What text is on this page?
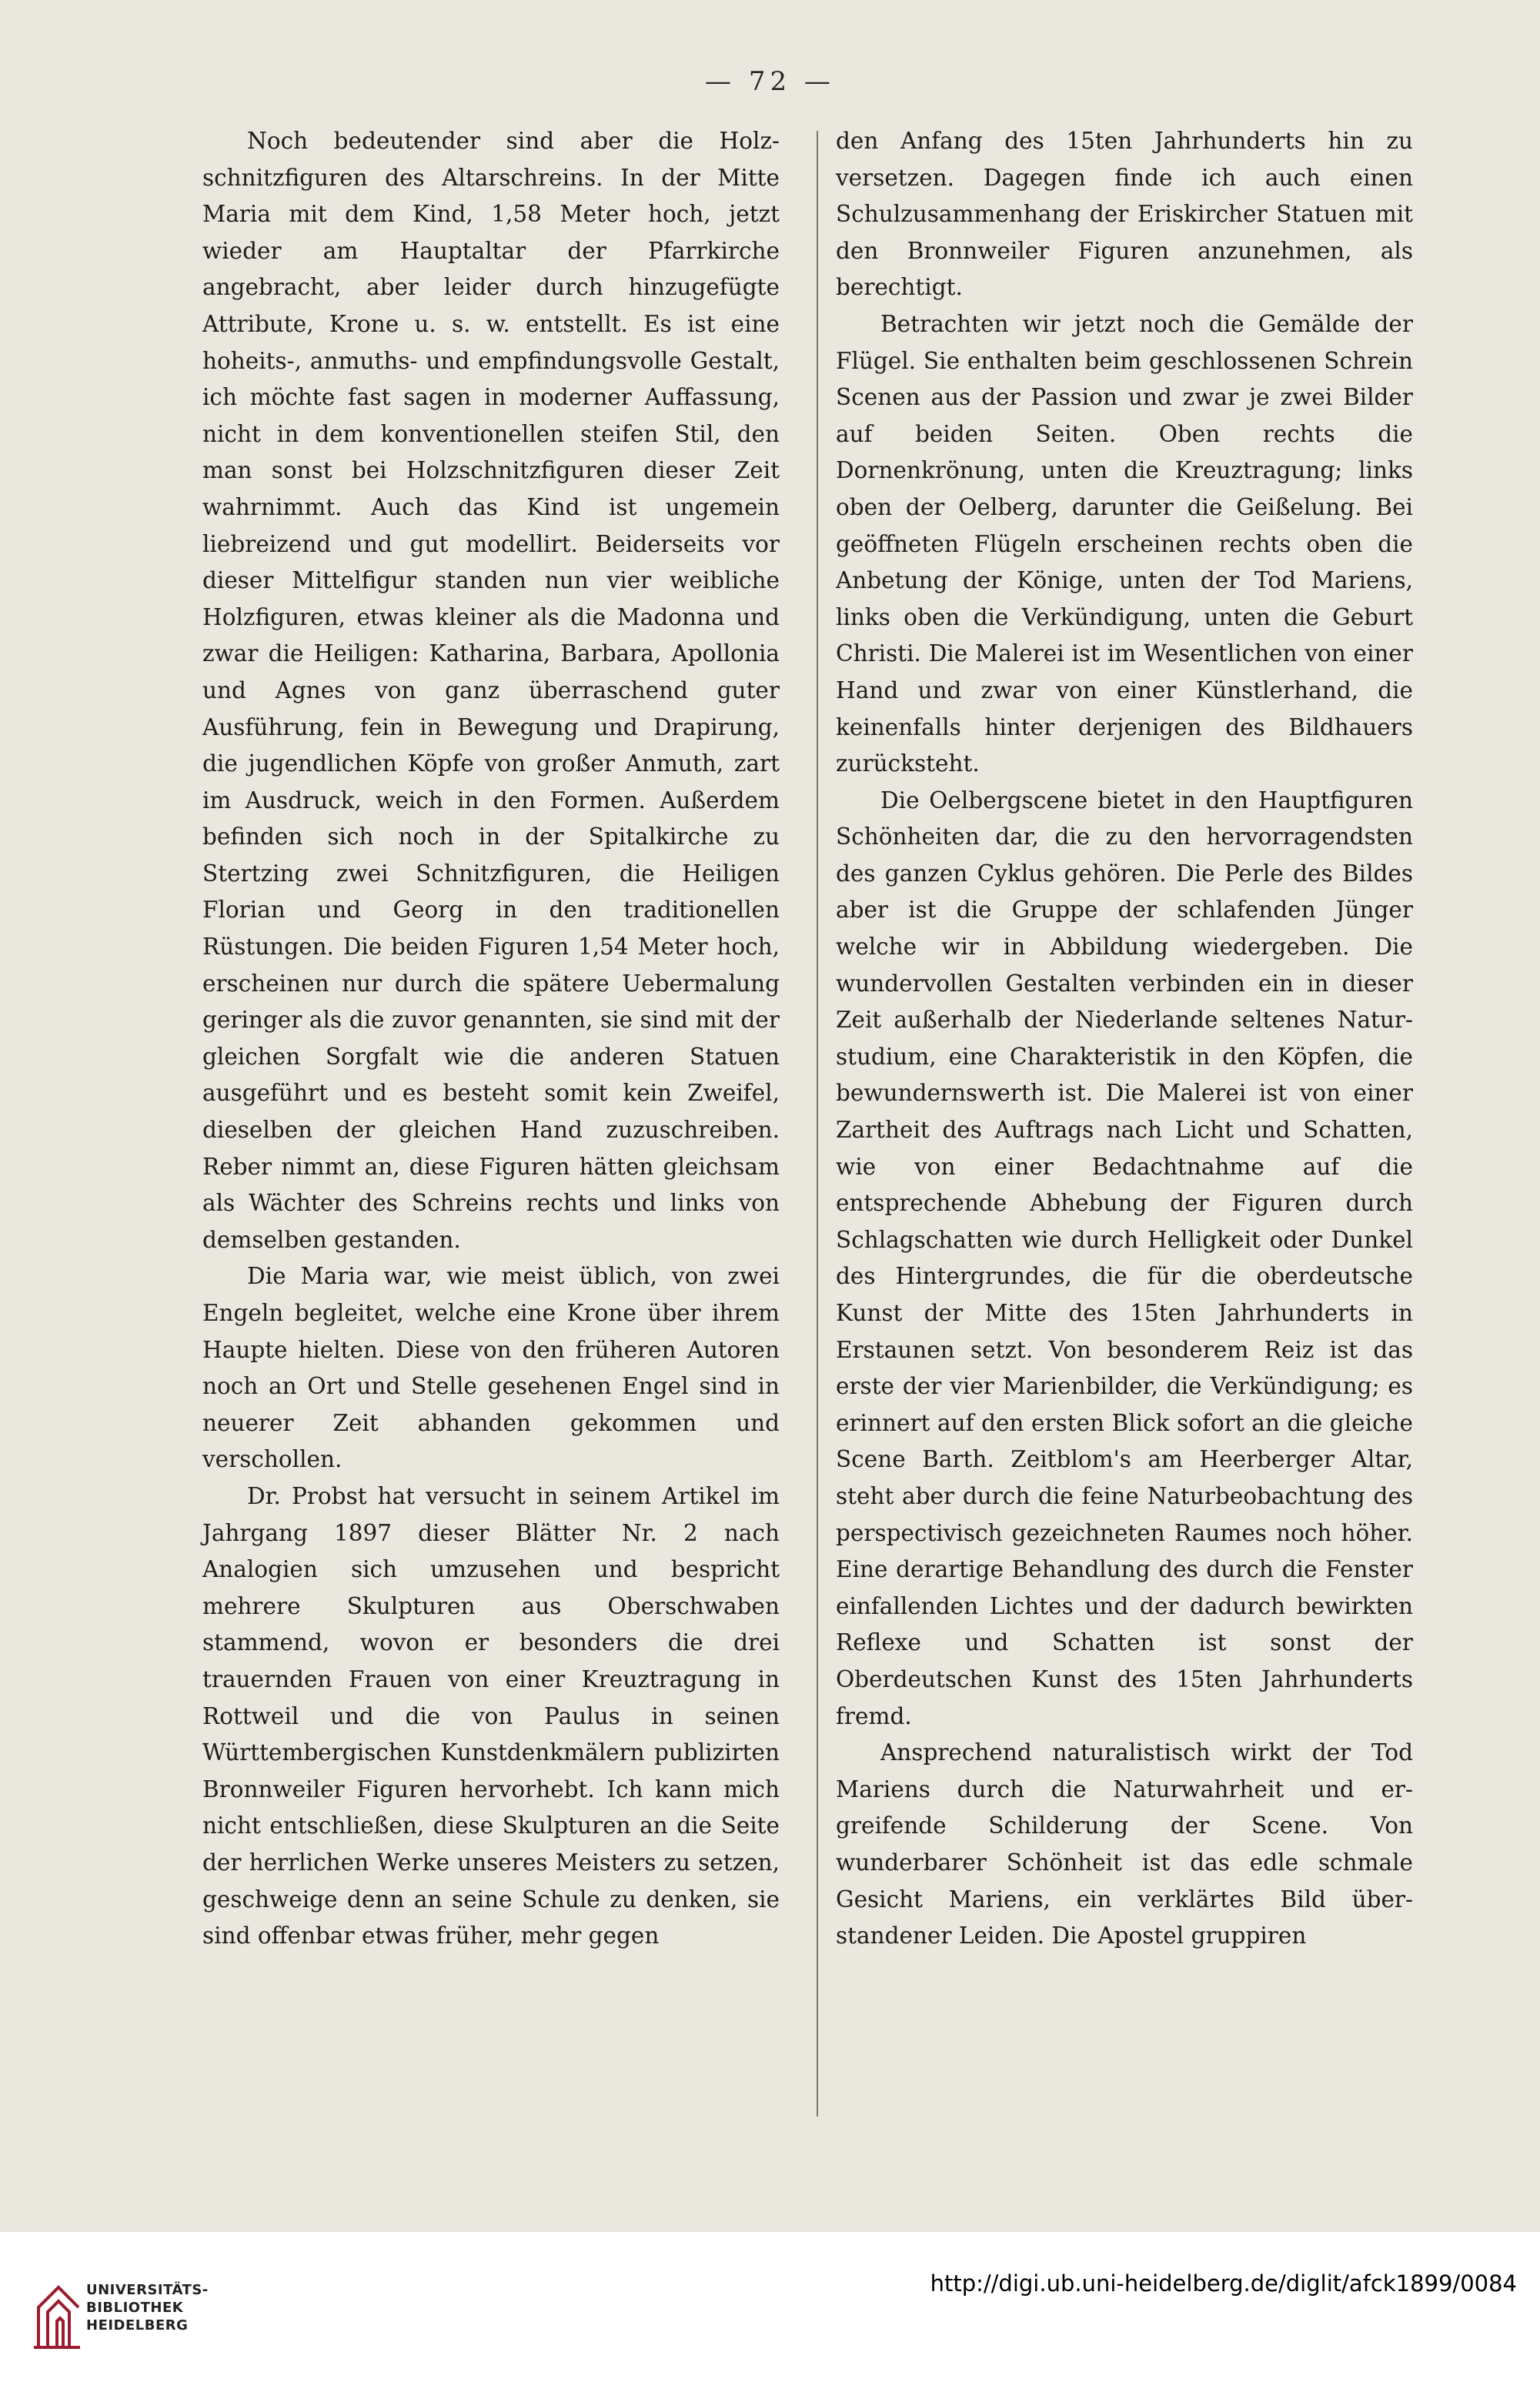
— 72 —

Noch bedeutender sind aber die Holzschnitzfiguren des Altarschreins. In der Mitte Maria mit dem Kind, 1,58 Meter hoch, jetzt wieder am Hauptaltar der Pfarrkirche angebracht, aber leider durch hinzugefügte Attribute, Krone u. s. w. entstellt. Es ist eine hoheits-, anmuths- und empfindungsvolle Gestalt, ich möchte fast sagen in moderner Auffassung, nicht in dem konventionellen steifen Stil, den man sonst bei Holzschnitzfiguren dieser Zeit wahrnimmt. Auch das Kind ist ungemein liebreizend und gut modellirt. Beiderseits vor dieser Mittelfigur standen nun vier weibliche Holzfiguren, etwas kleiner als die Madonna und zwar die Heiligen: Katharina, Barbara, Apollonia und Agnes von ganz überraschend guter Ausführung, fein in Bewegung und Drapirung, die jugendlichen Köpfe von großer Anmuth, zart im Ausdruck, weich in den Formen. Außerdem befinden sich noch in der Spitalkirche zu Stertzing zwei Schnitzfiguren, die Heiligen Florian und Georg in den traditionellen Rüstungen. Die beiden Figuren 1,54 Meter hoch, erscheinen nur durch die spätere Uebermalung geringer als die zuvor genannten, sie sind mit der gleichen Sorgfalt wie die anderen Statuen ausgeführt und es besteht somit kein Zweifel, dieselben der gleichen Hand zuzuschreiben. Reber nimmt an, diese Figuren hätten gleichsam als Wächter des Schreins rechts und links von demselben gestanden.

Die Maria war, wie meist üblich, von zwei Engeln begleitet, welche eine Krone über ihrem Haupte hielten. Diese von den früheren Autoren noch an Ort und Stelle gesehenen Engel sind in neuerer Zeit abhanden gekommen und verschollen.

Dr. Probst hat versucht in seinem Artikel im Jahrgang 1897 dieser Blätter Nr. 2 nach Analogien sich umzusehen und bespricht mehrere Skulpturen aus Oberschwaben stammend, wovon er besonders die drei trauernden Frauen von einer Kreuztragung in Rottweil und die von Paulus in seinen Württembergischen Kunstdenkmälern publizirten Bronnweiler Figuren hervorhebt. Ich kann mich nicht entschließen, diese Skulpturen an die Seite der herrlichen Werke unseres Meisters zu setzen, geschweige denn an seine Schule zu denken, sie sind offenbar etwas früher, mehr gegen

den Anfang des 15ten Jahrhunderts hin zu versetzen. Dagegen finde ich auch einen Schulzusammenhang der Eriskircher Statuen mit den Bronnweiler Figuren anzunehmen, als berechtigt.

Betrachten wir jetzt noch die Gemälde der Flügel. Sie enthalten beim geschlossenen Schrein Scenen aus der Passion und zwar je zwei Bilder auf beiden Seiten. Oben rechts die Dornenkrönung, unten die Kreuztragung; links oben der Oelberg, darunter die Geißelung. Bei geöffneten Flügeln erscheinen rechts oben die Anbetung der Könige, unten der Tod Mariens, links oben die Verkündigung, unten die Geburt Christi. Die Malerei ist im Wesentlichen von einer Hand und zwar von einer Künstlerhand, die keinenfalls hinter derjenigen des Bildhauers zurücksteht.

Die Oelbergscene bietet in den Hauptfiguren Schönheiten dar, die zu den hervorragendsten des ganzen Cyklus gehören. Die Perle des Bildes aber ist die Gruppe der schlafenden Jünger welche wir in Abbildung wiedergeben. Die wundervollen Gestalten verbinden ein in dieser Zeit außerhalb der Niederlande seltenes Naturstudium, eine Charakteristik in den Köpfen, die bewundernswerth ist. Die Malerei ist von einer Zartheit des Auftrags nach Licht und Schatten, wie von einer Bedachtnahme auf die entsprechende Abhebung der Figuren durch Schlagschatten wie durch Helligkeit oder Dunkel des Hintergrundes, die für die oberdeutsche Kunst der Mitte des 15ten Jahrhunderts in Erstaunen setzt. Von besonderem Reiz ist das erste der vier Marienbilder, die Verkündigung; es erinnert auf den ersten Blick sofort an die gleiche Scene Barth. Zeitblom's am Heerberger Altar, steht aber durch die feine Naturbeobachtung des perspectivisch gezeichneten Raumes noch höher. Eine derartige Behandlung des durch die Fenster einfallenden Lichtes und der dadurch bewirkten Reflexe und Schatten ist sonst der Oberdeutschen Kunst des 15ten Jahrhunderts fremd.

Ansprechend naturalistisch wirkt der Tod Mariens durch die Naturwahrheit und ergreifende Schilderung der Scene. Von wunderbarer Schönheit ist das edle schmale Gesicht Mariens, ein verklärtes Bild überstandener Leiden. Die Apostel gruppiren

UNIVERSITÄTS-
BIBLIOTHEK
HEIDELBERG
http://digi.ub.uni-heidelberg.de/diglit/afck1899/0084
